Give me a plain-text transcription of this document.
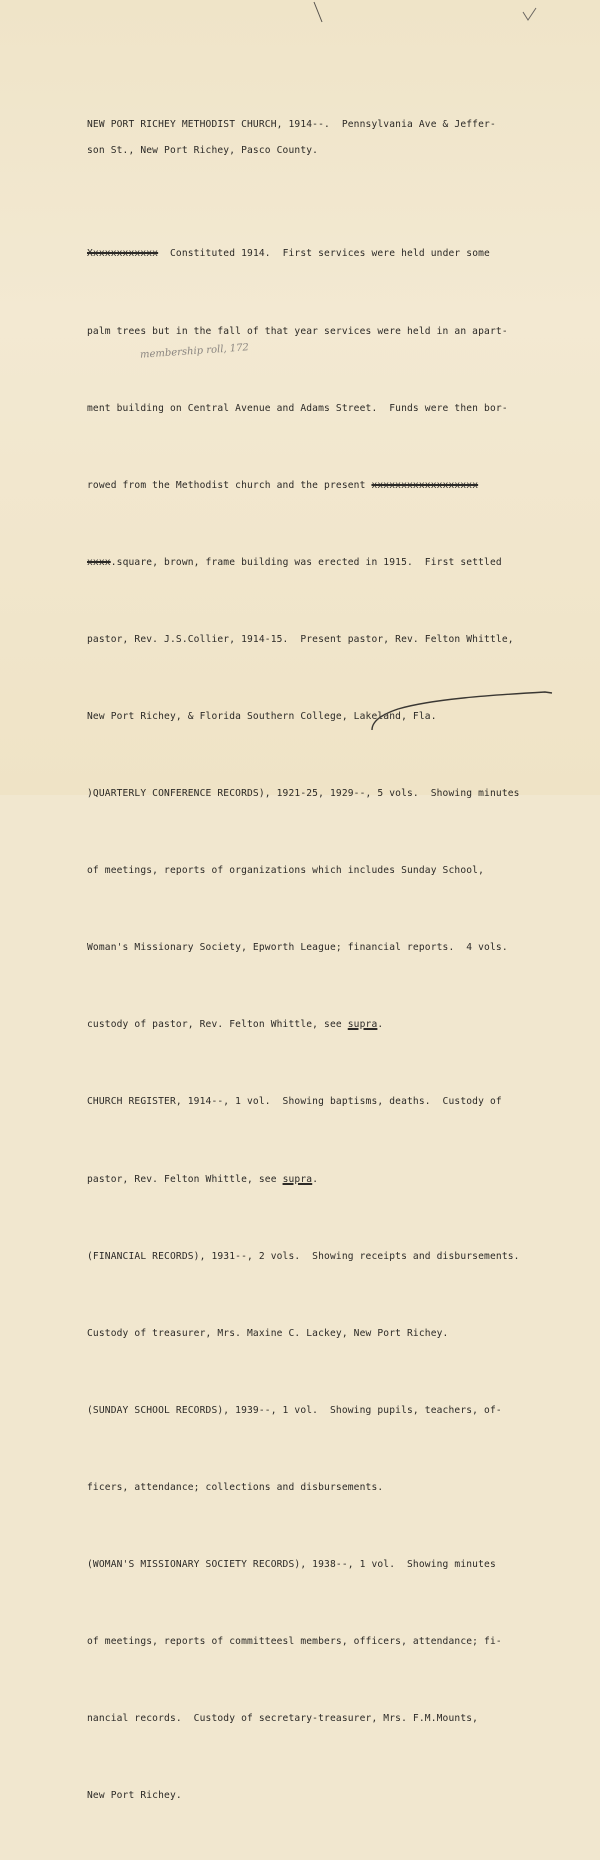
NEW PORT RICHEY METHODIST CHURCH, 1914--.  Pennsylvania Ave & Jeffer-
son St., New Port Richey, Pasco County.

Xxxxxxxxxxxx  Constituted 1914.  First services were held under some

palm trees but in the fall of that year services were held in an apart-

ment building on Central Avenue and Adams Street.  Funds were then bor-

rowed from the Methodist church and the present xxxxxxxxxxxxxxxxxx

xxxx.square, brown, frame building was erected in 1915.  First settled

pastor, Rev. J.S.Collier, 1914-15.  Present pastor, Rev. Felton Whittle,

New Port Richey, & Florida Southern College, Lakeland, Fla.

)QUARTERLY CONFERENCE RECORDS), 1921-25, 1929--, 5 vols.  Showing minutes

of meetings, reports of organizations which includes Sunday School,

Woman's Missionary Society, Epworth League; financial reports.  4 vols.

custody of pastor, Rev. Felton Whittle, see supra.

CHURCH REGISTER, 1914--, 1 vol.  Showing baptisms, deaths.  Custody of

pastor, Rev. Felton Whittle, see supra.

(FINANCIAL RECORDS), 1931--, 2 vols.  Showing receipts and disbursements.

Custody of treasurer, Mrs. Maxine C. Lackey, New Port Richey.

(SUNDAY SCHOOL RECORDS), 1939--, 1 vol.  Showing pupils, teachers, of-

ficers, attendance; collections and disbursements.

(WOMAN'S MISSIONARY SOCIETY RECORDS), 1938--, 1 vol.  Showing minutes

of meetings, reports of committeesl members, officers, attendance; fi-

nancial records.  Custody of secretary-treasurer, Mrs. F.M.Mounts,

New Port Richey.

membership roll, 172
